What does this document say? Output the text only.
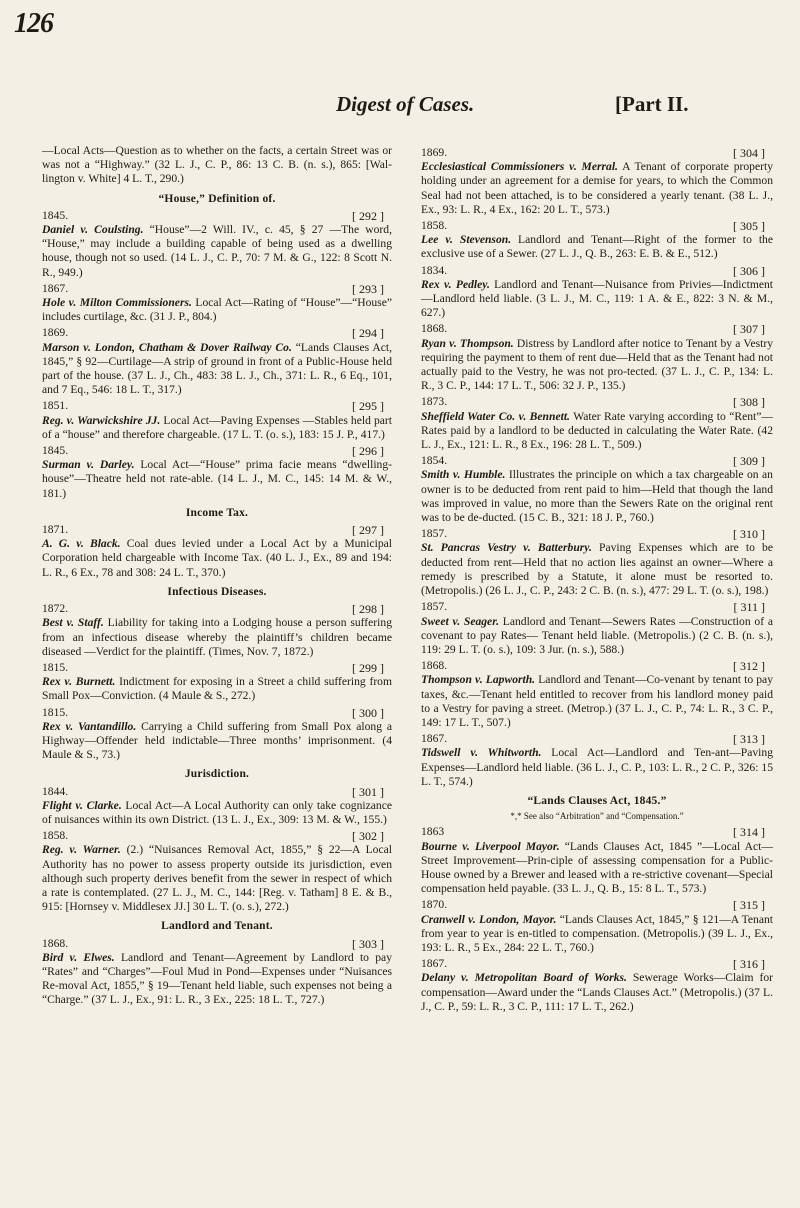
126
Digest of Cases.	[Part II.

—Local Acts—Question as to whether on the facts, a certain Street was or was not a “Highway.” (32 L. J., C. P., 86: 13 C. B. (n. s.), 865: [Wal-lington v. White] 4 L. T., 290.)

“House,” Definition of.
1845.	[ 292 ]

Daniel v. Coulsting. “House”—2 Will. IV., c. 45, § 27 —The word, “House,” may include a building capable of being used as a dwelling house, though not so used. (14 L. J., C. P., 70: 7 M. & G., 122: 8 Scott N. R., 949.)

1867.	[ 293 ]

Hole v. Milton Commissioners. Local Act—Rating of “House”—“House” includes curtilage, &c. (31 J. P., 804.)

1869.	[ 294 ]

Marson v. London, Chatham & Dover Railway Co. “Lands Clauses Act, 1845,” § 92—Curtilage—A strip of ground in front of a Public-House held part of the house. (37 L. J., Ch., 483: 38 L. J., Ch., 371: L. R., 6 Eq., 101, and 7 Eq., 546: 18 L. T., 317.)

1851.	[ 295 ]

Reg. v. Warwickshire JJ. Local Act—Paving Expenses —Stables held part of a “house” and therefore chargeable. (17 L. T. (o. s.), 183: 15 J. P., 417.)

1845.	[ 296 ]

Surman v. Darley. Local Act—“House” prima facie means “dwelling-house”—Theatre held not rate-able. (14 L. J., M. C., 145: 14 M. & W., 181.)

Income Tax.
1871.	[ 297 ]

A. G. v. Black. Coal dues levied under a Local Act by a Municipal Corporation held chargeable with Income Tax. (40 L. J., Ex., 89 and 194: L. R., 6 Ex., 78 and 308: 24 L. T., 370.)

Infectious Diseases.
1872.	[ 298 ]

Best v. Staff. Liability for taking into a Lodging house a person suffering from an infectious disease whereby the plaintiff’s children became diseased —Verdict for the plaintiff. (Times, Nov. 7, 1872.)

1815.	[ 299 ]

Rex v. Burnett. Indictment for exposing in a Street a child suffering from Small Pox—Conviction. (4 Maule & S., 272.)

1815.	[ 300 ]

Rex v. Vantandillo. Carrying a Child suffering from Small Pox along a Highway—Offender held indictable—Three months’ imprisonment. (4 Maule & S., 73.)

Jurisdiction.
1844.	[ 301 ]

Flight v. Clarke. Local Act—A Local Authority can only take cognizance of nuisances within its own District. (13 L. J., Ex., 309: 13 M. & W., 155.)

1858.	[ 302 ]

Reg. v. Warner. (2.) “Nuisances Removal Act, 1855,” § 22—A Local Authority has no power to assess property outside its jurisdiction, even although such property derives benefit from the sewer in respect of which a rate is contemplated. (27 L. J., M. C., 144: [Reg. v. Tatham] 8 E. & B., 915: [Hornsey v. Middlesex JJ.] 30 L. T. (o. s.), 272.)

Landlord and Tenant.
1868.	[ 303 ]

Bird v. Elwes. Landlord and Tenant—Agreement by Landlord to pay “Rates” and “Charges”—Foul Mud in Pond—Expenses under “Nuisances Re-moval Act, 1855,” § 19—Tenant held liable, such expenses not being a “Charge.” (37 L. J., Ex., 91: L. R., 3 Ex., 225: 18 L. T., 727.)

1869.	[ 304 ]

Ecclesiastical Commissioners v. Merral. A Tenant of corporate property holding under an agreement for a demise for years, to which the Common Seal had not been attached, is to be considered a yearly tenant. (38 L. J., Ex., 93: L. R., 4 Ex., 162: 20 L. T., 573.)

1858.	[ 305 ]

Lee v. Stevenson. Landlord and Tenant—Right of the former to the exclusive use of a Sewer. (27 L. J., Q. B., 263: E. B. & E., 512.)

1834.	[ 306 ]

Rex v. Pedley. Landlord and Tenant—Nuisance from Privies—Indictment—Landlord held liable. (3 L. J., M. C., 119: 1 A. & E., 822: 3 N. & M., 627.)

1868.	[ 307 ]

Ryan v. Thompson. Distress by Landlord after notice to Tenant by a Vestry requiring the payment to them of rent due—Held that as the Tenant had not actually paid to the Vestry, he was not pro-tected. (37 L. J., C. P., 134: L. R., 3 C. P., 144: 17 L. T., 506: 32 J. P., 135.)

1873.	[ 308 ]

Sheffield Water Co. v. Bennett. Water Rate varying according to “Rent”—Rates paid by a landlord to be deducted in calculating the Water Rate. (42 L. J., Ex., 121: L. R., 8 Ex., 196: 28 L. T., 509.)

1854.	[ 309 ]

Smith v. Humble. Illustrates the principle on which a tax chargeable on an owner is to be deducted from rent paid to him—Held that though the land was improved in value, no more than the Sewers Rate on the original rent was to be de-ducted. (15 C. B., 321: 18 J. P., 760.)

1857.	[ 310 ]

St. Pancras Vestry v. Batterbury. Paving Expenses which are to be deducted from rent—Held that no action lies against an owner—Where a remedy is prescribed by a Statute, it alone must be resorted to. (Metropolis.) (26 L. J., C. P., 243: 2 C. B. (n. s.), 477: 29 L. T. (o. s.), 198.)

1857.	[ 311 ]

Sweet v. Seager. Landlord and Tenant—Sewers Rates —Construction of a covenant to pay Rates— Tenant held liable. (Metropolis.) (2 C. B. (n. s.), 119: 29 L. T. (o. s.), 109: 3 Jur. (n. s.), 588.)

1868.	[ 312 ]

Thompson v. Lapworth. Landlord and Tenant—Co-venant by tenant to pay taxes, &c.—Tenant held entitled to recover from his landlord money paid to a Vestry for paving a street. (Metrop.) (37 L. J., C. P., 74: L. R., 3 C. P., 149: 17 L. T., 507.)

1867.	[ 313 ]

Tidswell v. Whitworth. Local Act—Landlord and Ten-ant—Paving Expenses—Landlord held liable. (36 L. J., C. P., 103: L. R., 2 C. P., 326: 15 L. T., 574.)

“Lands Clauses Act, 1845.”
*,* See also “Arbitration” and “Compensation.”
1863	[ 314 ]

Bourne v. Liverpool Mayor. “Lands Clauses Act, 1845 ”—Local Act—Street Improvement—Prin-ciple of assessing compensation for a Public-House owned by a Brewer and leased with a re-strictive covenant—Special compensation held payable. (33 L. J., Q. B., 15: 8 L. T., 573.)

1870.	[ 315 ]

Cranwell v. London, Mayor. “Lands Clauses Act, 1845,” § 121—A Tenant from year to year is en-titled to compensation. (Metropolis.) (39 L. J., Ex., 193: L. R., 5 Ex., 284: 22 L. T., 760.)

1867.	[ 316 ]

Delany v. Metropolitan Board of Works. Sewerage Works—Claim for compensation—Award under the “Lands Clauses Act.” (Metropolis.) (37 L. J., C. P., 59: L. R., 3 C. P., 111: 17 L. T., 262.)
